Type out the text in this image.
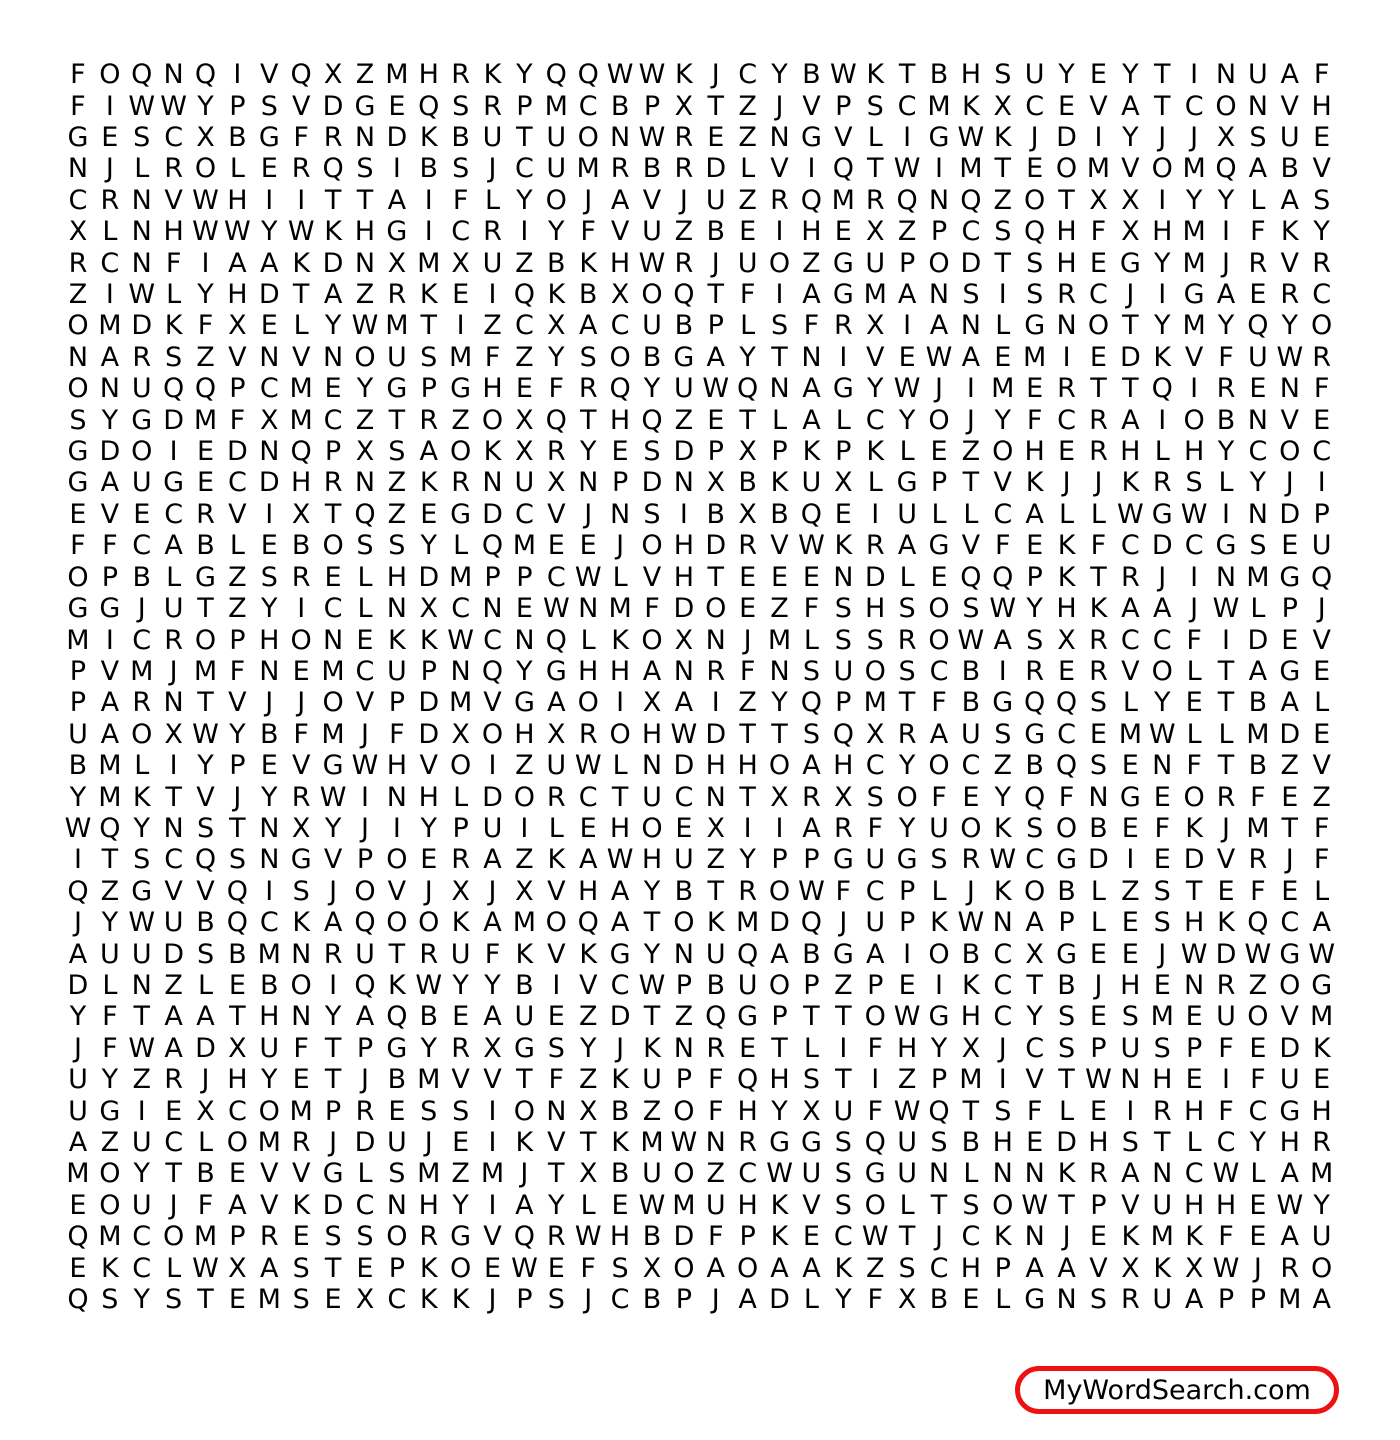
F O Q N Q I V Q X Z M H R K Y Q Q W W K J C Y B W K T B H S U Y E Y T I N U A F
F I W W Y P S V D G E Q S R P M C B P X T Z J V P S C M K X C E V A T C O N V H
G E S C X B G F R N D K B U T U O N W R E Z N G V L I G W K J D I Y J J X S U E
N J L R O L E R Q S I B S J C U M R B R D L V I Q T W I M T E O M V O M Q A B V
C R N V W H I I T T A I F L Y O J A V J U Z R Q M R Q N Q Z O T X X I Y Y L A S
X L N H W W Y W K H G I C R I Y F V U Z B E I H E X Z P C S Q H F X H M I F K Y
R C N F I A A K D N X M X U Z B K H W R J U O Z G U P O D T S H E G Y M J R V R
Z I W L Y H D T A Z R K E I Q K B X O Q T F I A G M A N S I S R C J I G A E R C
O M D K F X E L Y W M T I Z C X A C U B P L S F R X I A N L G N O T Y M Y Q Y O
N A R S Z V N V N O U S M F Z Y S O B G A Y T N I V E W A E M I E D K V F U W R
O N U Q Q P C M E Y G P G H E F R Q Y U W Q N A G Y W J I M E R T T Q I R E N F
S Y G D M F X M C Z T R Z O X Q T H Q Z E T L A L C Y O J Y F C R A I O B N V E
G D O I E D N Q P X S A O K X R Y E S D P X P K P K L E Z O H E R H L H Y C O C
G A U G E C D H R N Z K R N U X N P D N X B K U X L G P T V K J J K R S L Y J I
E V E C R V I X T Q Z E G D C V J N S I B X B Q E I U L L C A L L W G W I N D P
F F C A B L E B O S S Y L Q M E E J O H D R V W K R A G V F E K F C D C G S E U
O P B L G Z S R E L H D M P P C W L V H T E E E N D L E Q Q P K T R J I N M G Q
G G J U T Z Y I C L N X C N E W N M F D O E Z F S H S O S W Y H K A A J W L P J
M I C R O P H O N E K K W C N Q L K O X N J M L S S R O W A S X R C C F I D E V
P V M J M F N E M C U P N Q Y G H H A N R F N S U O S C B I R E R V O L T A G E
P A R N T V J J O V P D M V G A O I X A I Z Y Q P M T F B G Q Q S L Y E T B A L
U A O X W Y B F M J F D X O H X R O H W D T T S Q X R A U S G C E M W L L M D E
B M L I Y P E V G W H V O I Z U W L N D H H O A H C Y O C Z B Q S E N F T B Z V
Y M K T V J Y R W I N H L D O R C T U C N T X R X S O F E Y Q F N G E O R F E Z
W Q Y N S T N X Y J I Y P U I L E H O E X I I A R F Y U O K S O B E F K J M T F
I T S C Q S N G V P O E R A Z K A W H U Z Y P P G U G S R W C G D I E D V R J F
Q Z G V V Q I S J O V J X J X V H A Y B T R O W F C P L J K O B L Z S T E F E L
J Y W U B Q C K A Q O O K A M O Q A T O K M D Q J U P K W N A P L E S H K Q C A
A U U D S B M N R U T R U F K V K G Y N U Q A B G A I O B C X G E E J W D W G W
D L N Z L E B O I Q K W Y Y B I V C W P B U O P Z P E I K C T B J H E N R Z O G
Y F T A A T H N Y A Q B E A U E Z D T Z Q G P T T O W G H C Y S E S M E U O V M
J F W A D X U F T P G Y R X G S Y J K N R E T L I F H Y X J C S P U S P F E D K
U Y Z R J H Y E T J B M V V T F Z K U P F Q H S T I Z P M I V T W N H E I F U E
U G I E X C O M P R E S S I O N X B Z O F H Y X U F W Q T S F L E I R H F C G H
A Z U C L O M R J D U J E I K V T K M W N R G G S Q U S B H E D H S T L C Y H R
M O Y T B E V V G L S M Z M J T X B U O Z C W U S G U N L N N K R A N C W L A M
E O U J F A V K D C N H Y I A Y L E W M U H K V S O L T S O W T P V U H H E W Y
Q M C O M P R E S S O R G V Q R W H B D F P K E C W T J C K N J E K M K F E A U
E K C L W X A S T E P K O E W E F S X O A O A A K Z S C H P A A V X K X W J R O
Q S Y S T E M S E X C K K J P S J C B P J A D L Y F X B E L G N S R U A P P M A
MyWordSearch.com
